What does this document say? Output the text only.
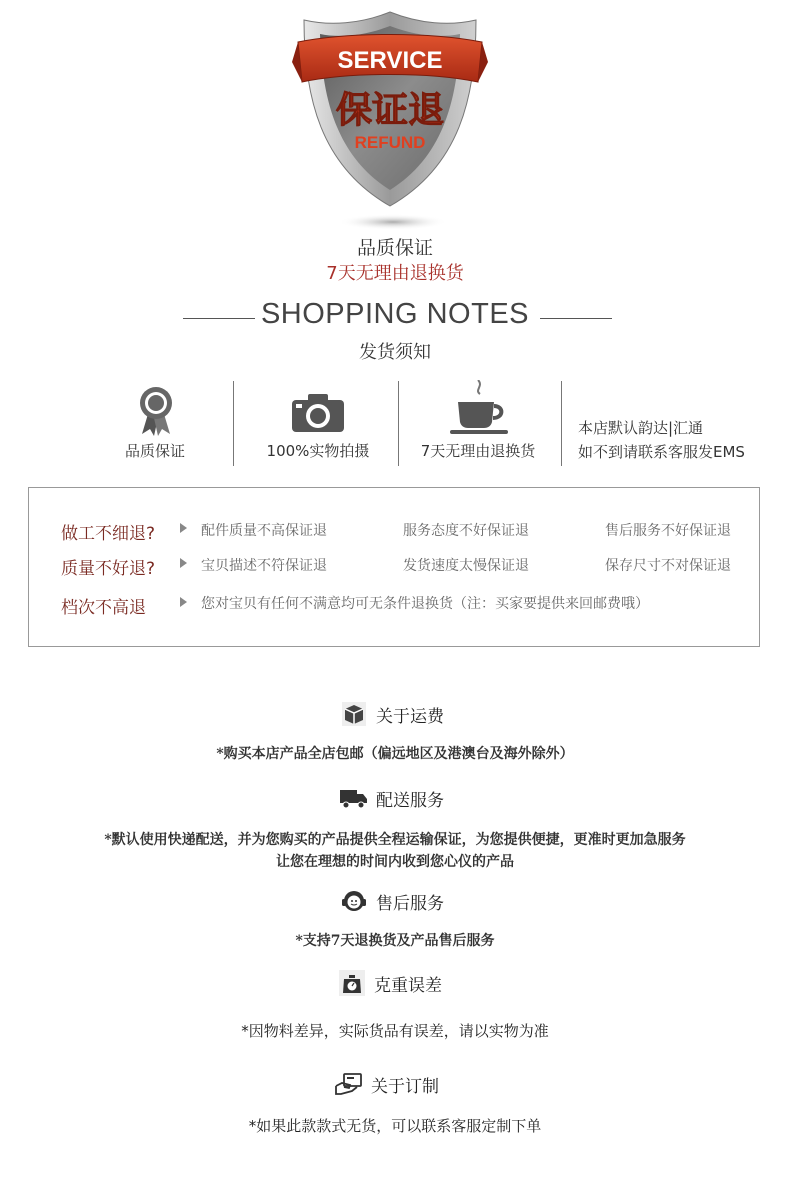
SERVICE
保证退
REFUND
品质保证
7天无理由退换货
SHOPPING NOTES
发货须知
品质保证	100%实物拍摄	7天无理由退换货
本店默认韵达|汇通
如不到请联系客服发EMS
做工不细退?	配件质量不高保证退	服务态度不好保证退	售后服务不好保证退
质量不好退?	宝贝描述不符保证退	发货速度太慢保证退	保存尺寸不对保证退
档次不高退	您对宝贝有任何不满意均可无条件退换货（注：买家要提供来回邮费哦）
关于运费
*购买本店产品全店包邮（偏远地区及港澳台及海外除外）
配送服务
*默认使用快递配送，并为您购买的产品提供全程运输保证，为您提供便捷，更准时更加急服务
让您在理想的时间内收到您心仪的产品
售后服务
*支持7天退换货及产品售后服务
克重误差
*因物料差异，实际货品有误差，请以实物为准
关于订制
*如果此款款式无货，可以联系客服定制下单
